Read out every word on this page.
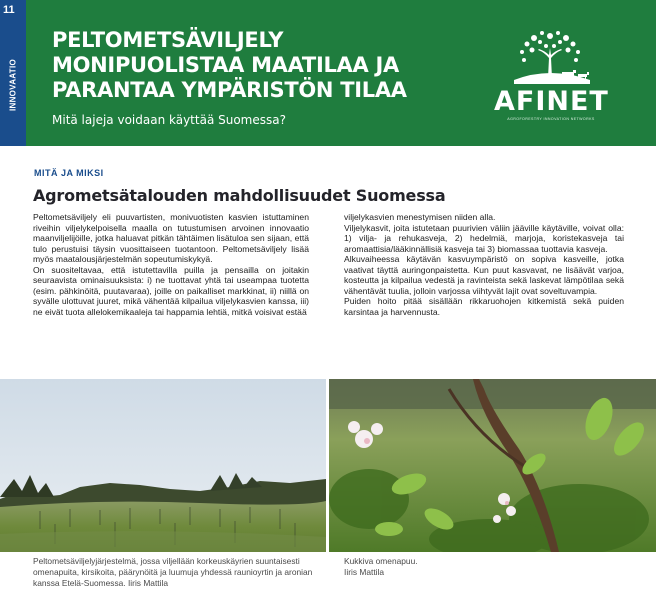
11
INNOVAATIO
PELTOMETSÄVILJELY
MONIPUOLISTAA MAATILAA JA
PARANTAA YMPÄRISTÖN TILAA
Mitä lajeja voidaan käyttää Suomessa?
AFINET
AGROFORESTRY INNOVATION NETWORKS
MITÄ JA MIKSI
Agrometsätalouden mahdollisuudet Suomessa

Peltometsäviljely eli puuvartisten, monivuotisten kasvien istuttaminen riveihin viljelykelpoisella maalla on tutustumisen arvoinen innovaatio maanviljelijöille, jotka haluavat pitkän tähtäimen lisätuloa sen sijaan, että tulo perustuisi täysin vuosittaiseen tuotantoon. Peltometsäviljely lisää myös maatalousjärjestelmän sopeutumiskykyä.

On suositeltavaa, että istutettavilla puilla ja pensailla on joitakin seuraavista ominaisuuksista: i) ne tuottavat yhtä tai useampaa tuotetta (esim. pähkinöitä, puutavaraa), joille on paikalliset markkinat, ii) niillä on syvälle ulottuvat juuret, mikä vähentää kilpailua viljelykasvien kanssa, iii) ne eivät tuota allelokemikaaleja tai happamia lehtiä, mitkä voisivat estää

viljelykasvien menestymisen niiden alla.

Viljelykasvit, joita istutetaan puurivien väliin jääville käytäville, voivat olla: 1) vilja- ja rehukasveja, 2) hedelmiä, marjoja, koristekasveja tai aromaattisia/lääkinnällisiä kasveja tai 3) biomassaa tuottavia kasveja.

Alkuvaiheessa käytävän kasvuympäristö on sopiva kasveille, jotka vaativat täyttä auringonpaistetta. Kun puut kasvavat, ne lisäävät varjoa, kosteutta ja kilpailua vedestä ja ravinteista sekä laskevat lämpötilaa sekä vähentävät tuulia, jolloin varjossa viihtyvät lajit ovat soveltuvampia.

Puiden hoito pitää sisällään rikkaruohojen kitkemistä sekä puiden karsintaa ja harvennusta.

Peltometsäviljelyjärjestelmä, jossa viljellään korkeuskäyrien suuntaisesti omenapuita, kirsikoita, päärynöitä ja luumuja yhdessä raunioyrtin ja aronian kanssa Etelä-Suomessa. Iiris Mattila
Kukkiva omenapuu.
Iiris Mattila
